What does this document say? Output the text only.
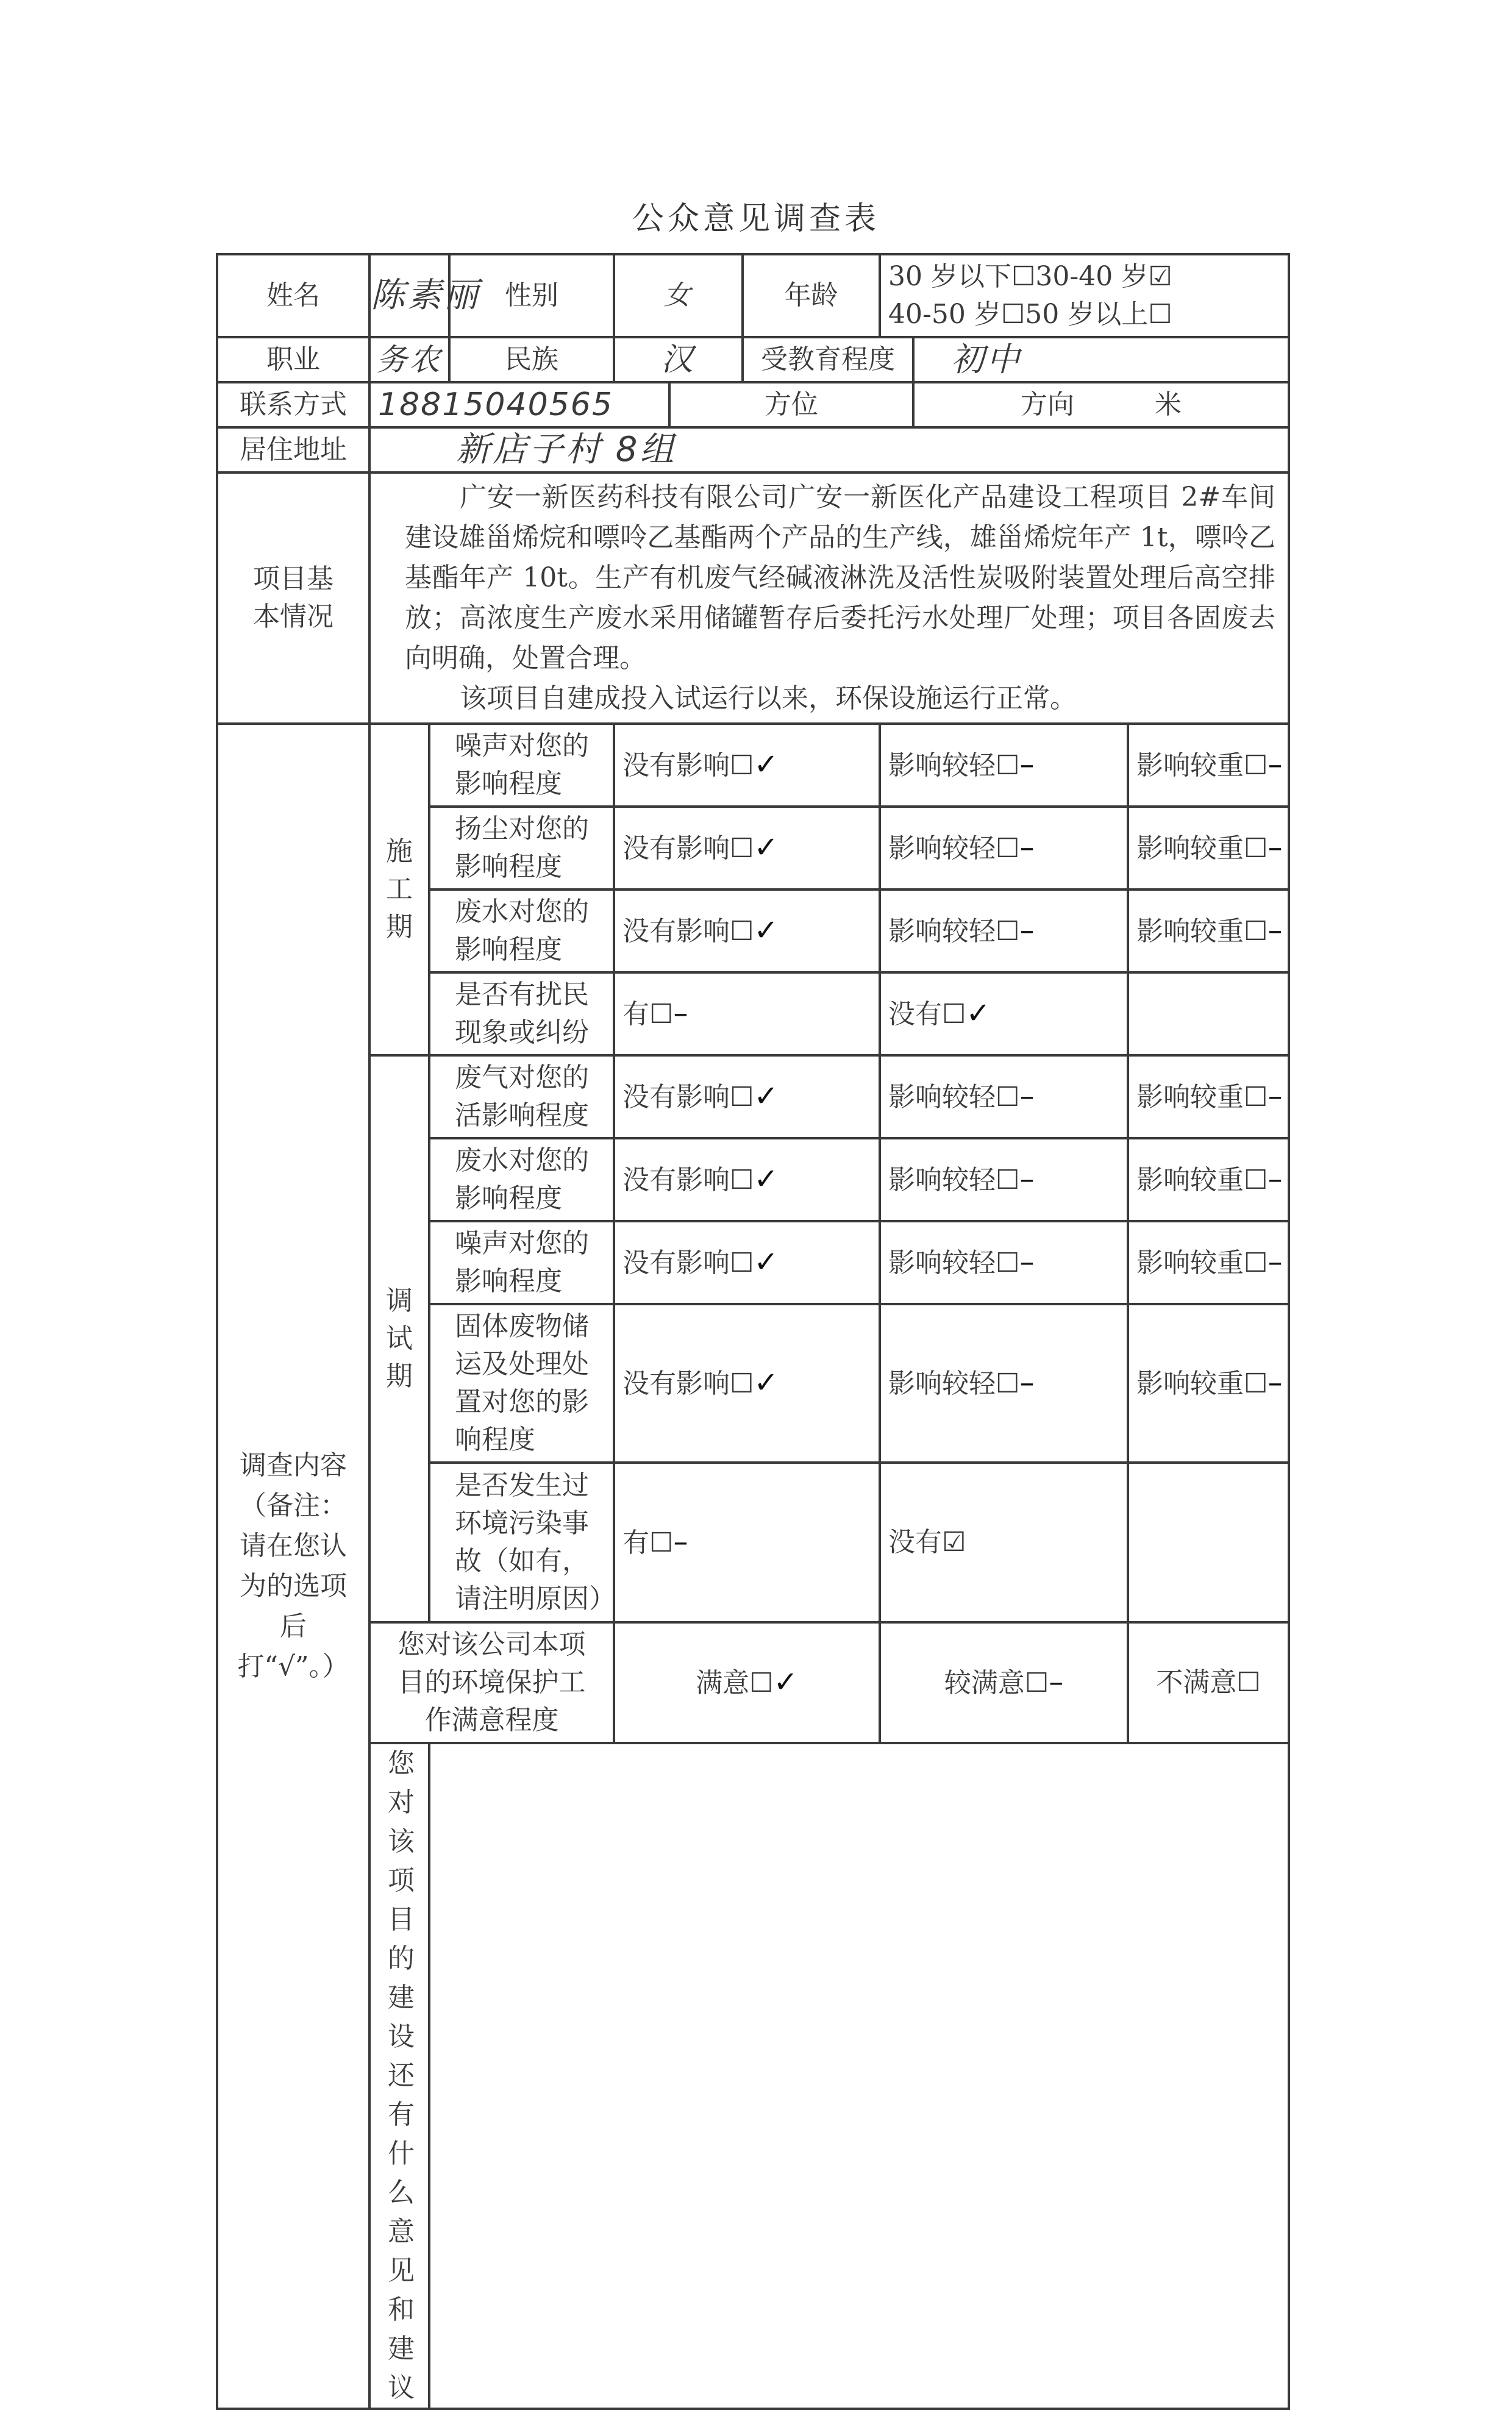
公众意见调查表
姓名	陈素丽		性别	女		年龄	30 岁以下☐30-40 岁☑
40-50 岁☐50 岁以上☐		

职业	务农		民族	汉		受教育程度		初中	
联系方式	18815040565				方位			方向　　　米	
居住地址	新店子村 8组								
项目基本情况	广安一新医药科技有限公司广安一新医化产品建设工程项目 2#车间建设雄甾烯烷和嘌呤乙基酯两个产品的生产线，雄甾烯烷年产 1t，嘌呤乙基酯年产 10t。生产有机废气经碱液淋洗及活性炭吸附装置处理后高空排放；高浓度生产废水采用储罐暂存后委托污水处理厂处理；项目各固废去向明确，处置合理。

该项目自建成投入试运行以来，环保设施运行正常。								

调查内容（备注：请在您认为的选项后打“√”。）	施工期	噪声对您的影响程度		没有影响☐✓			影响较轻☐–		影响较重☐–
		扬尘对您的影响程度		没有影响☐✓			影响较轻☐–		影响较重☐–
		废水对您的影响程度		没有影响☐✓			影响较轻☐–		影响较重☐–
		是否有扰民现象或纠纷		有☐–			没有☐✓		
	调试期	废气对您的活影响程度		没有影响☐✓			影响较轻☐–		影响较重☐–
		废水对您的影响程度		没有影响☐✓			影响较轻☐–		影响较重☐–
		噪声对您的影响程度		没有影响☐✓			影响较轻☐–		影响较重☐–
		固体废物储运及处理处置对您的影响程度		没有影响☐✓			影响较轻☐–		影响较重☐–
		是否发生过环境污染事故（如有，请注明原因）		有☐–			没有☑		
	您对该公司本项目的环境保护工作满意程度			满意☐✓			较满意☐–		不满意☐
	您对该项目的建设还有什么意见和建议								
